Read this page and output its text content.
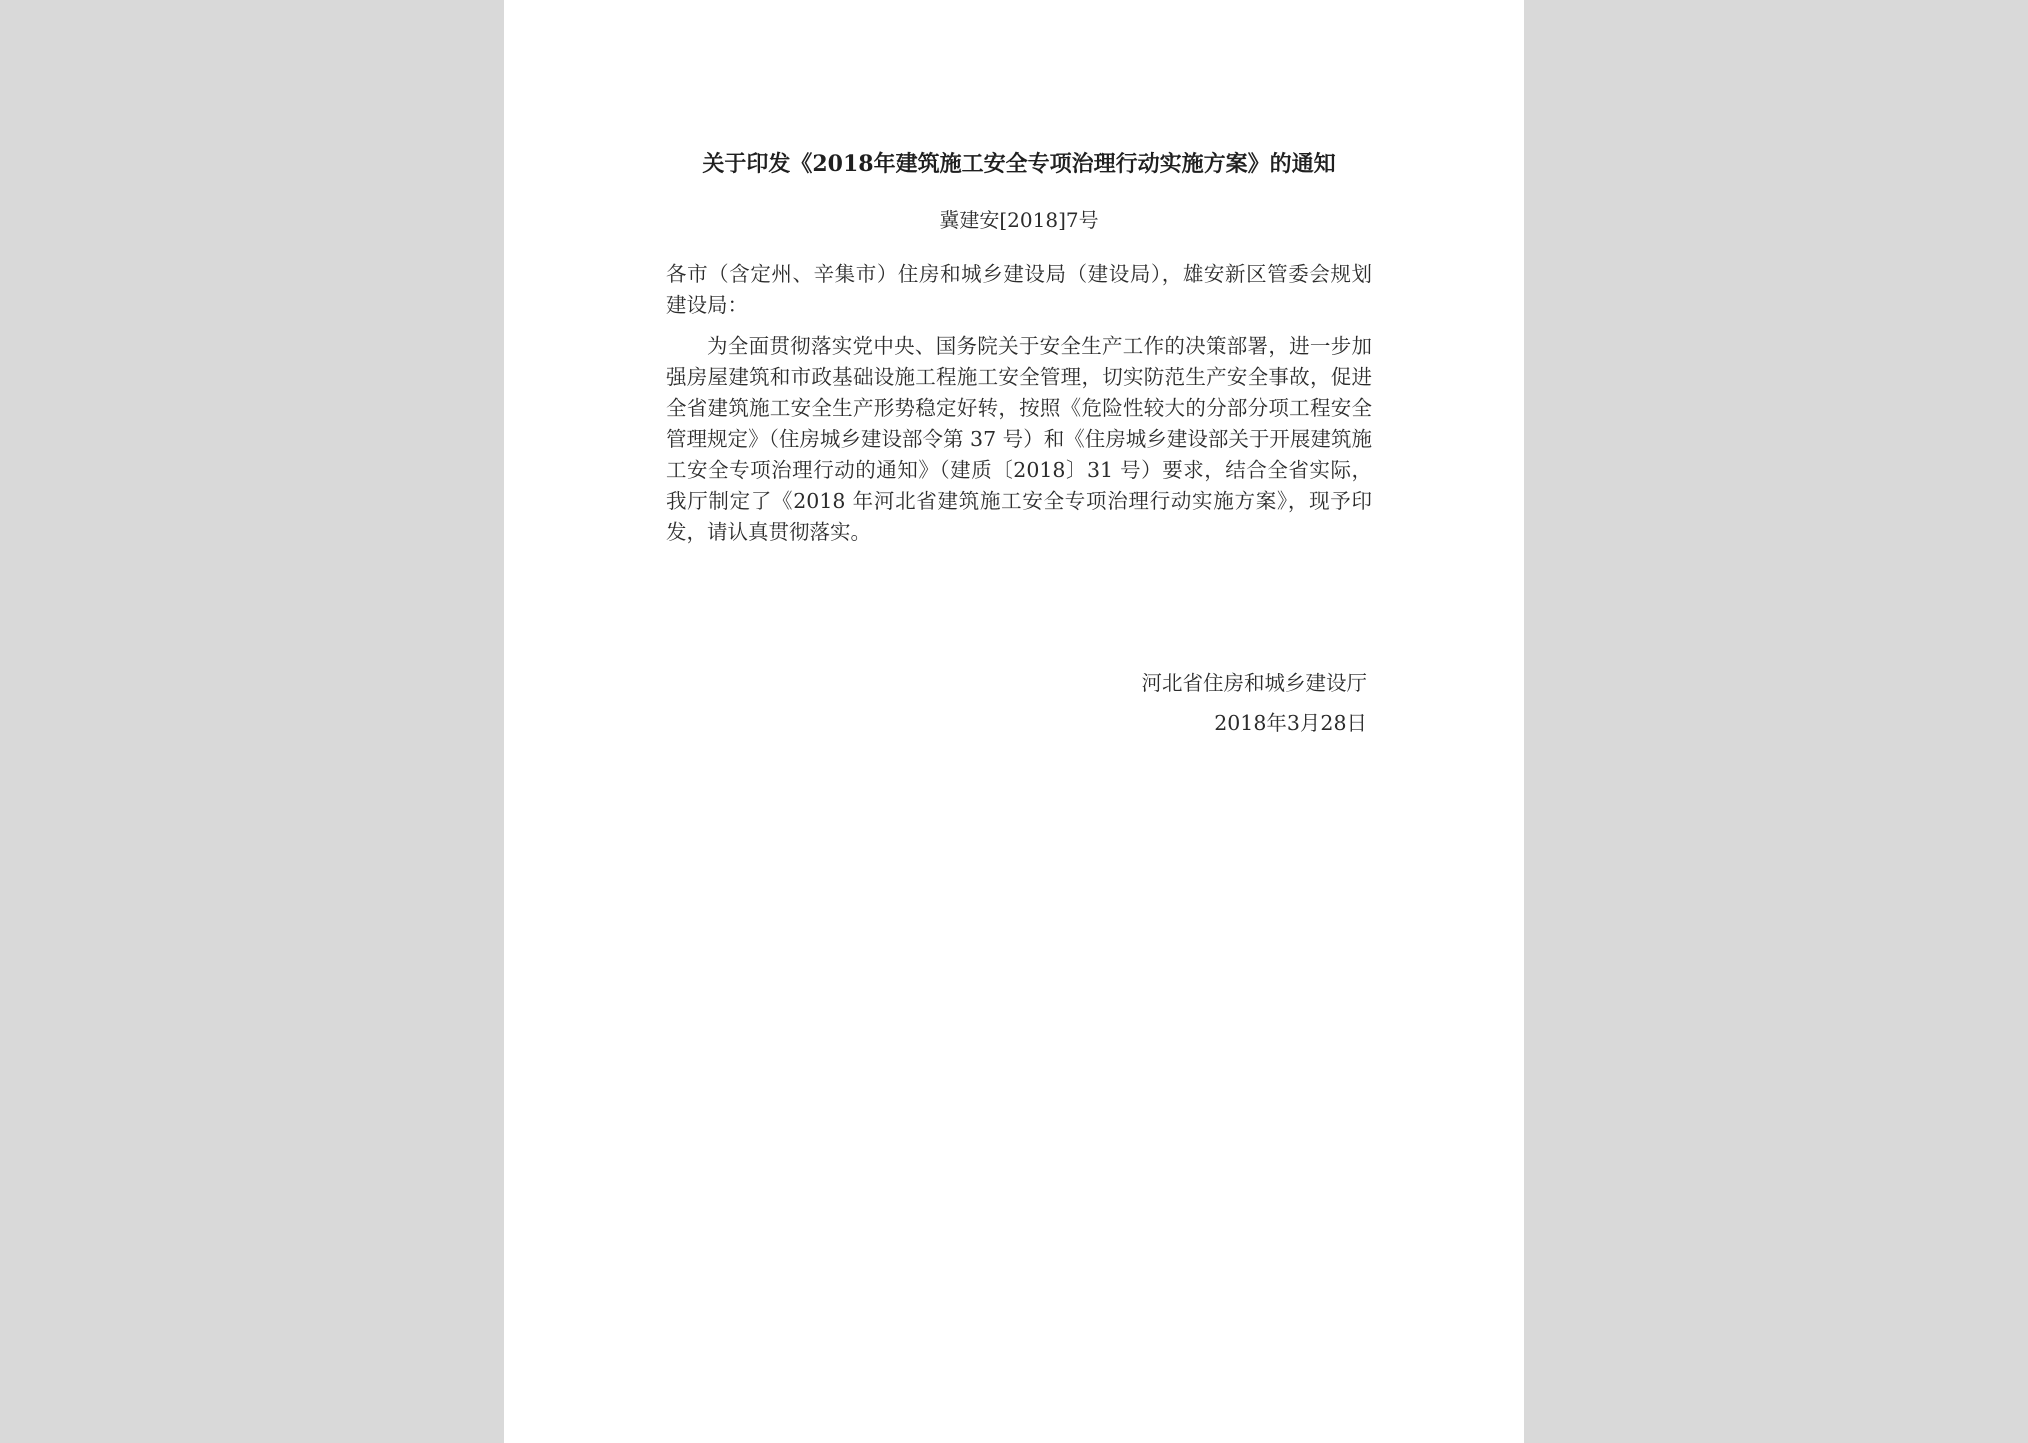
关于印发《2018年建筑施工安全专项治理行动实施方案》的通知
冀建安[2018]7号
各市（含定州、辛集市）住房和城乡建设局（建设局），雄安新区管委会规划建设局：
为全面贯彻落实党中央、国务院关于安全生产工作的决策部署，进一步加强房屋建筑和市政基础设施工程施工安全管理，切实防范生产安全事故，促进全省建筑施工安全生产形势稳定好转，按照《危险性较大的分部分项工程安全管理规定》（住房城乡建设部令第 37 号）和《住房城乡建设部关于开展建筑施工安全专项治理行动的通知》（建质〔2018〕31 号）要求，结合全省实际，我厅制定了《2018 年河北省建筑施工安全专项治理行动实施方案》，现予印发，请认真贯彻落实。
河北省住房和城乡建设厅
2018年3月28日
